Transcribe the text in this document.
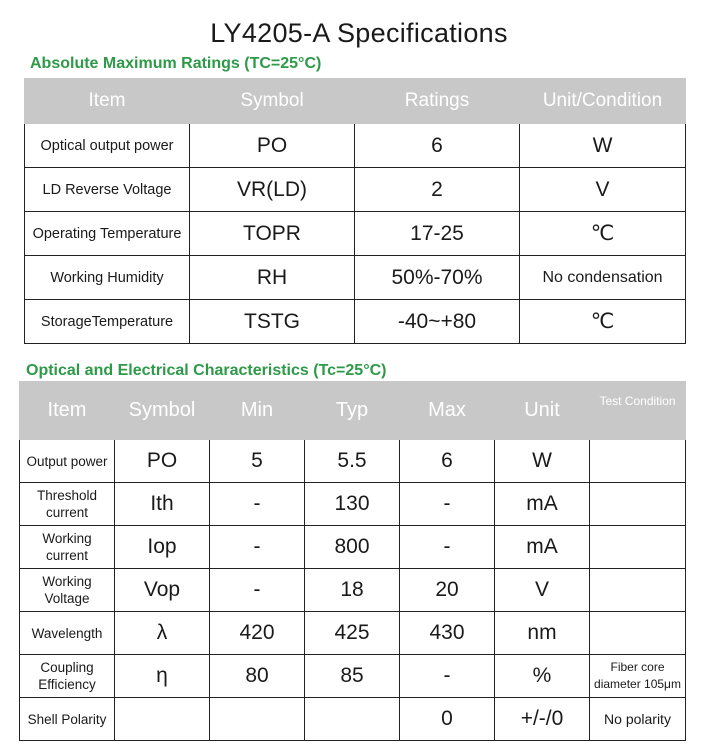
LY4205-A Specifications
Absolute Maximum Ratings (TC=25°C)
Item	Symbol	Ratings	Unit/Condition
Optical output power	PO	6	W
LD Reverse Voltage	VR(LD)	2	V
Operating Temperature	TOPR	17-25	℃
Working Humidity	RH	50%-70%	No condensation
StorageTemperature	TSTG	-40~+80	℃
Optical and Electrical Characteristics (Tc=25°C)
Item	Symbol	Min	Typ	Max	Unit	Test Condition
Output power	PO	5	5.5	6	W	
Threshold current	Ith	-	130	-	mA	
Working current	Iop	-	800	-	mA	
Working Voltage	Vop	-	18	20	V	
Wavelength	λ	420	425	430	nm	
Coupling Efficiency	η	80	85	-	%	Fiber core diameter 105μm
Shell Polarity				0	+/-/0	No polarity
